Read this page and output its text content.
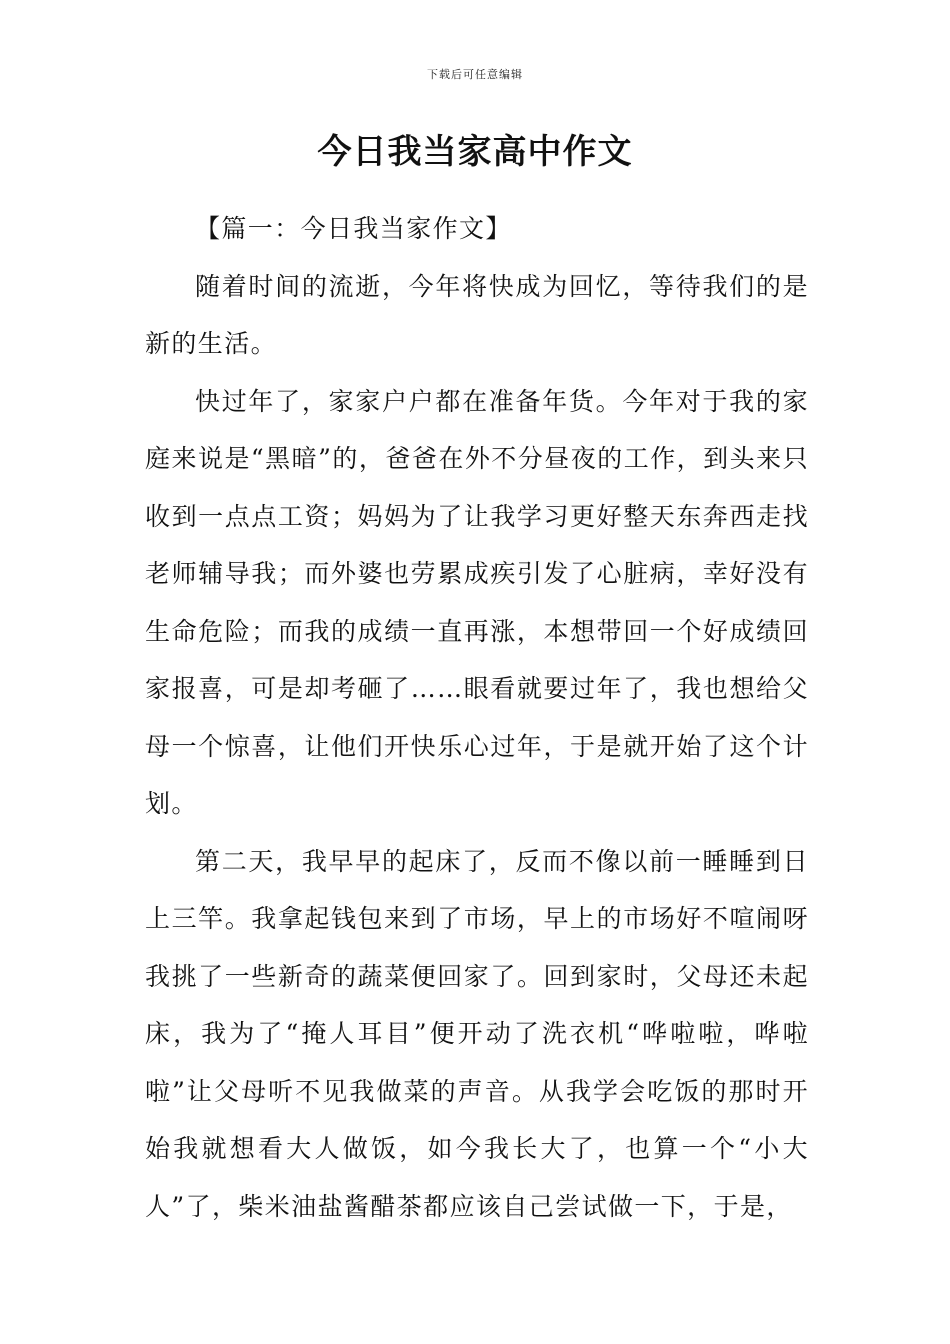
下载后可任意编辑
今日我当家高中作文

【篇一：今日我当家作文】

随着时间的流逝，今年将快成为回忆，等待我们的是新的生活。

快过年了，家家户户都在准备年货。今年对于我的家庭来说是“黑暗”的，爸爸在外不分昼夜的工作，到头来只收到一点点工资；妈妈为了让我学习更好整天东奔西走找老师辅导我；而外婆也劳累成疾引发了心脏病，幸好没有生命危险；而我的成绩一直再涨，本想带回一个好成绩回家报喜，可是却考砸了……眼看就要过年了，我也想给父母一个惊喜，让他们开快乐心过年，于是就开始了这个计划。

第二天，我早早的起床了，反而不像以前一睡睡到日上三竿。我拿起钱包来到了市场，早上的市场好不喧闹呀我挑了一些新奇的蔬菜便回家了。回到家时，父母还未起床，我为了“掩人耳目”便开动了洗衣机“哗啦啦，哗啦啦”让父母听不见我做菜的声音。从我学会吃饭的那时开始我就想看大人做饭，如今我长大了，也算一个“小大人”了，柴米油盐酱醋茶都应该自己尝试做一下，于是，
